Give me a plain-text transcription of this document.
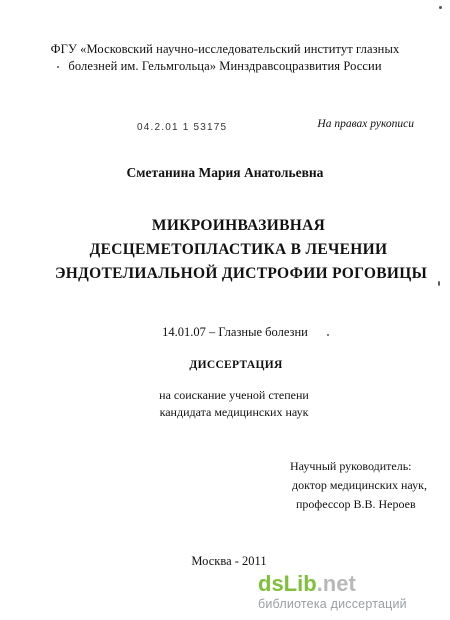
ФГУ «Московский научно-исследовательский институт глазных
болезней им. Гельмгольца» Минздравсоцразвития России
04.2.01 1 53175	На правах рукописи
Сметанина Мария Анатольевна
МИКРОИНВАЗИВНАЯ
ДЕСЦЕМЕТОПЛАСТИКА В ЛЕЧЕНИИ
ЭНДОТЕЛИАЛЬНОЙ ДИСТРОФИИ РОГОВИЦЫ
14.01.07 – Глазные болезни
ДИССЕРТАЦИЯ
на соискание ученой степени
кандидата медицинских наук
Научный руководитель:
доктор медицинских наук,
профессор В.В. Нероев
Москва - 2011
dsLib.net
библиотека диссертаций
